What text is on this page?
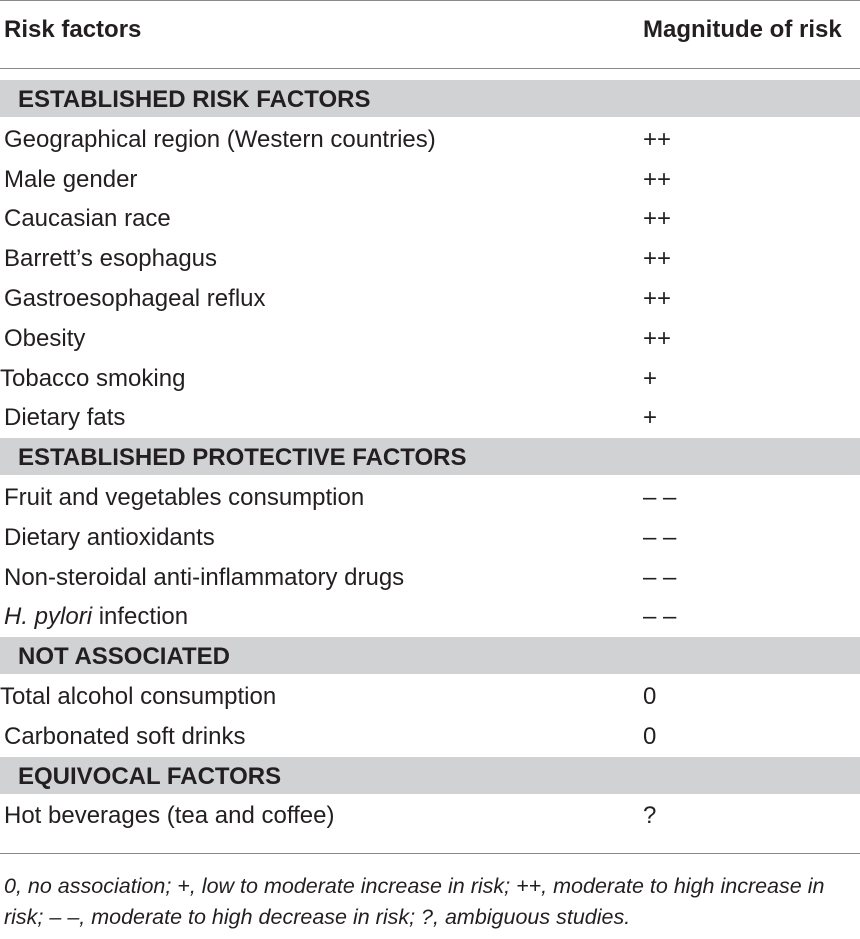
Risk factors	Magnitude of risk
ESTABLISHED RISK FACTORS
Geographical region (Western countries)	++
Male gender	++
Caucasian race	++
Barrett’s esophagus	++
Gastroesophageal reflux	++
Obesity	++
Tobacco smoking	+
Dietary fats	+
ESTABLISHED PROTECTIVE FACTORS
Fruit and vegetables consumption	– –
Dietary antioxidants	– –
Non-steroidal anti-inflammatory drugs	– –
H. pylori infection	– –
NOT ASSOCIATED
Total alcohol consumption	0
Carbonated soft drinks	0
EQUIVOCAL FACTORS
Hot beverages (tea and coffee)	?
0, no association; +, low to moderate increase in risk; ++, moderate to high increase in risk; – –, moderate to high decrease in risk; ?, ambiguous studies.
